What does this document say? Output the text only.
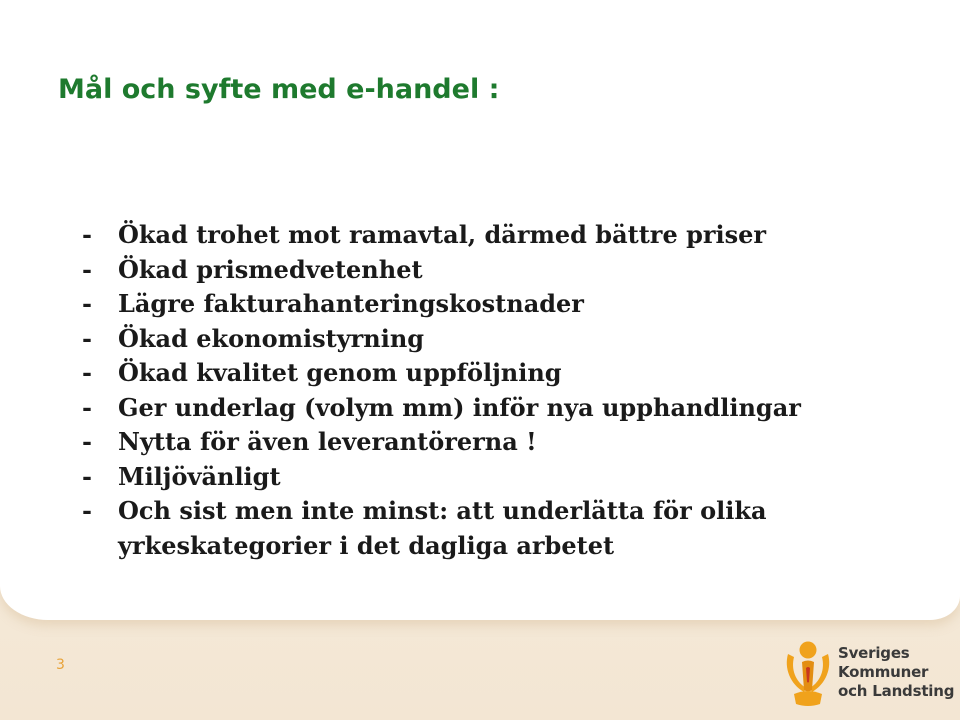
Mål och syfte med e-handel :
-	Ökad trohet mot ramavtal, därmed bättre priser
-	Ökad prismedvetenhet
-	Lägre fakturahanteringskostnader
-	Ökad ekonomistyrning
-	Ökad kvalitet genom uppföljning
-	Ger underlag (volym mm) inför nya upphandlingar
-	Nytta för även leverantörerna !
-	Miljövänligt
-	Och sist men inte minst: att underlätta för olika yrkeskategorier i det dagliga arbetet
3
Sveriges
Kommuner
och Landsting
